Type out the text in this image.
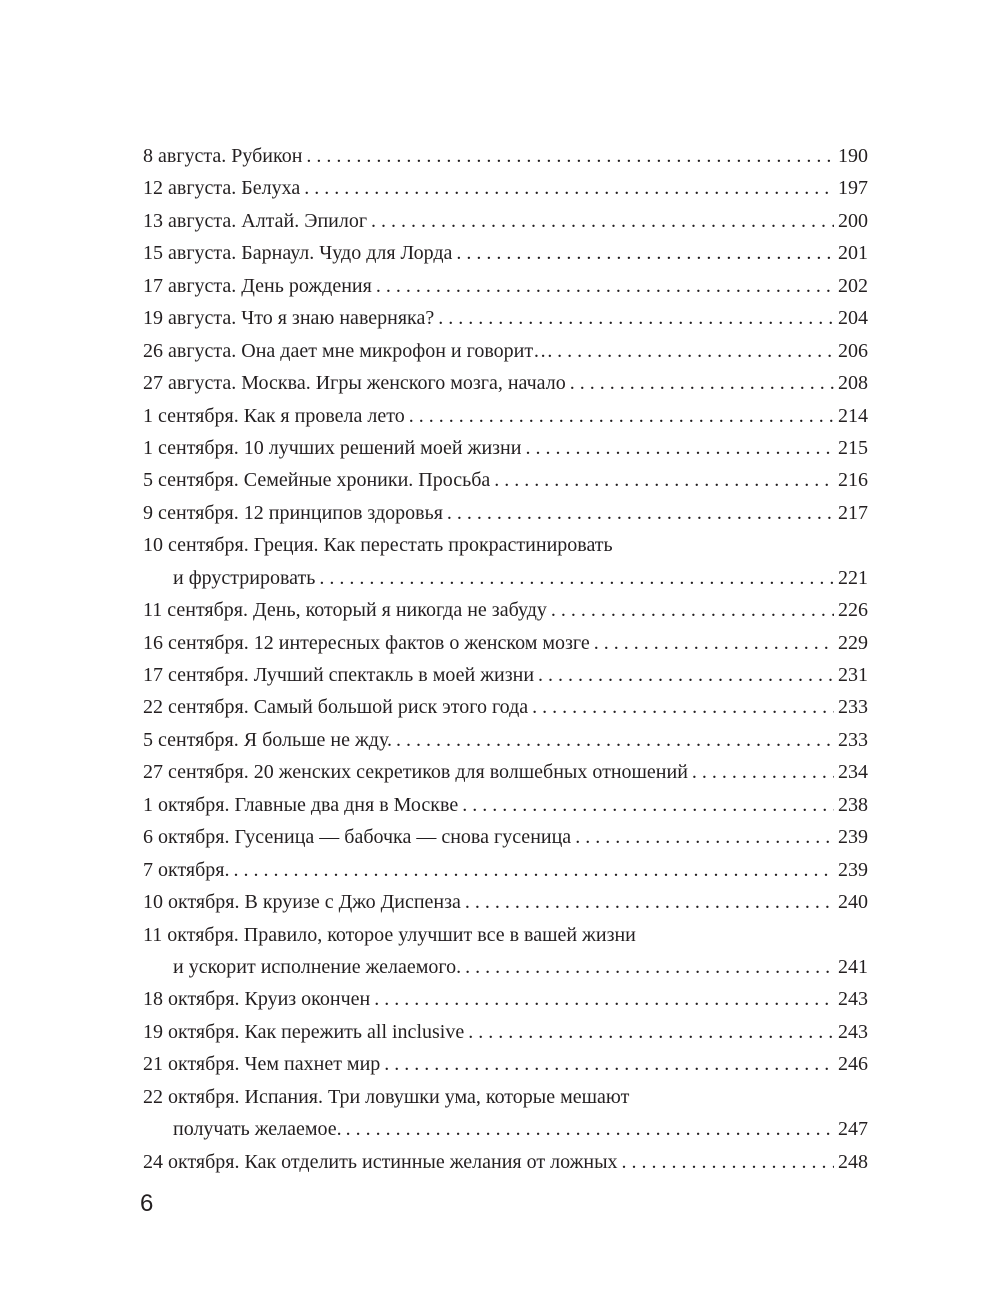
8 августа. Рубикон . . .	190
12 августа. Белуха . . .	197
13 августа. Алтай. Эпилог . . .	200
15 августа. Барнаул. Чудо для Лорда . . .	201
17 августа. День рождения . . .	202
19 августа. Что я знаю наверняка? . . .	204
26 августа. Она дает мне микрофон и говорит… . . .	206
27 августа. Москва. Игры женского мозга, начало . . .	208
1 сентября. Как я провела лето . . .	214
1 сентября. 10 лучших решений моей жизни . . .	215
5 сентября. Семейные хроники. Просьба . . .	216
9 сентября. 12 принципов здоровья . . .	217
10 сентября. Греция. Как перестать прокрастинировать
и фрустрировать . . .	221
11 сентября. День, который я никогда не забуду . . .	226
16 сентября. 12 интересных фактов о женском мозге . . .	229
17 сентября. Лучший спектакль в моей жизни . . .	231
22 сентября. Самый большой риск этого года . . .	233
5 сентября. Я больше не жду. . . .	233
27 сентября. 20 женских секретиков для волшебных отношений . . .	234
1 октября. Главные два дня в Москве . . .	238
6 октября. Гусеница — бабочка — снова гусеница . . .	239
7 октября. . . .	239
10 октября. В круизе с Джо Диспенза . . .	240
11 октября. Правило, которое улучшит все в вашей жизни
и ускорит исполнение желаемого. . . .	241
18 октября. Круиз окончен . . .	243
19 октября. Как пережить all inclusive . . .	243
21 октября. Чем пахнет мир . . .	246
22 октября. Испания. Три ловушки ума, которые мешают
получать желаемое. . . .	247
24 октября. Как отделить истинные желания от ложных . . .	248
6
